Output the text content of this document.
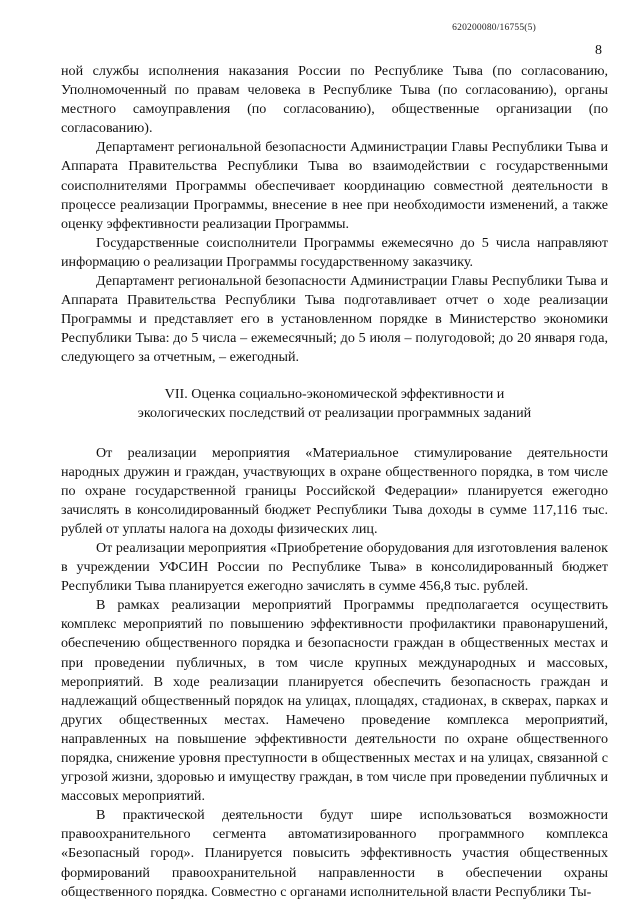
620200080/16755(5)
8

ной службы исполнения наказания России по Республике Тыва (по согласованию, Уполномоченный по правам человека в Республике Тыва (по согласованию), органы местного самоуправления (по согласованию), общественные организации (по согласованию).

Департамент региональной безопасности Администрации Главы Республики Тыва и Аппарата Правительства Республики Тыва во взаимодействии с государственными соисполнителями Программы обеспечивает координацию совместной деятельности в процессе реализации Программы, внесение в нее при необходимости изменений, а также оценку эффективности реализации Программы.

Государственные соисполнители Программы ежемесячно до 5 числа направляют информацию о реализации Программы государственному заказчику.

Департамент региональной безопасности Администрации Главы Республики Тыва и Аппарата Правительства Республики Тыва подготавливает отчет о ходе реализации Программы и представляет его в установленном порядке в Министерство экономики Республики Тыва: до 5 числа – ежемесячный; до 5 июля – полугодовой; до 20 января года, следующего за отчетным, – ежегодный.

VII. Оценка социально-экономической эффективности и
экологических последствий от реализации программных заданий

От реализации мероприятия «Материальное стимулирование деятельности народных дружин и граждан, участвующих в охране общественного порядка, в том числе по охране государственной границы Российской Федерации» планируется ежегодно зачислять в консолидированный бюджет Республики Тыва доходы в сумме 117,116 тыс. рублей от уплаты налога на доходы физических лиц.

От реализации мероприятия «Приобретение оборудования для изготовления валенок в учреждении УФСИН России по Республике Тыва» в консолидированный бюджет Республики Тыва планируется ежегодно зачислять в сумме 456,8 тыс. рублей.

В рамках реализации мероприятий Программы предполагается осуществить комплекс мероприятий по повышению эффективности профилактики правонарушений, обеспечению общественного порядка и безопасности граждан в общественных местах и при проведении публичных, в том числе крупных международных и массовых, мероприятий. В ходе реализации планируется обеспечить безопасность граждан и надлежащий общественный порядок на улицах, площадях, стадионах, в скверах, парках и других общественных местах. Намечено проведение комплекса мероприятий, направленных на повышение эффективности деятельности по охране общественного порядка, снижение уровня преступности в общественных местах и на улицах, связанной с угрозой жизни, здоровью и имуществу граждан, в том числе при проведении публичных и массовых мероприятий.

В практической деятельности будут шире использоваться возможности правоохранительного сегмента автоматизированного программного комплекса «Безопасный город». Планируется повысить эффективность участия общественных формирований правоохранительной направленности в обеспечении охраны общественного порядка. Совместно с органами исполнительной власти Республики Ты-
